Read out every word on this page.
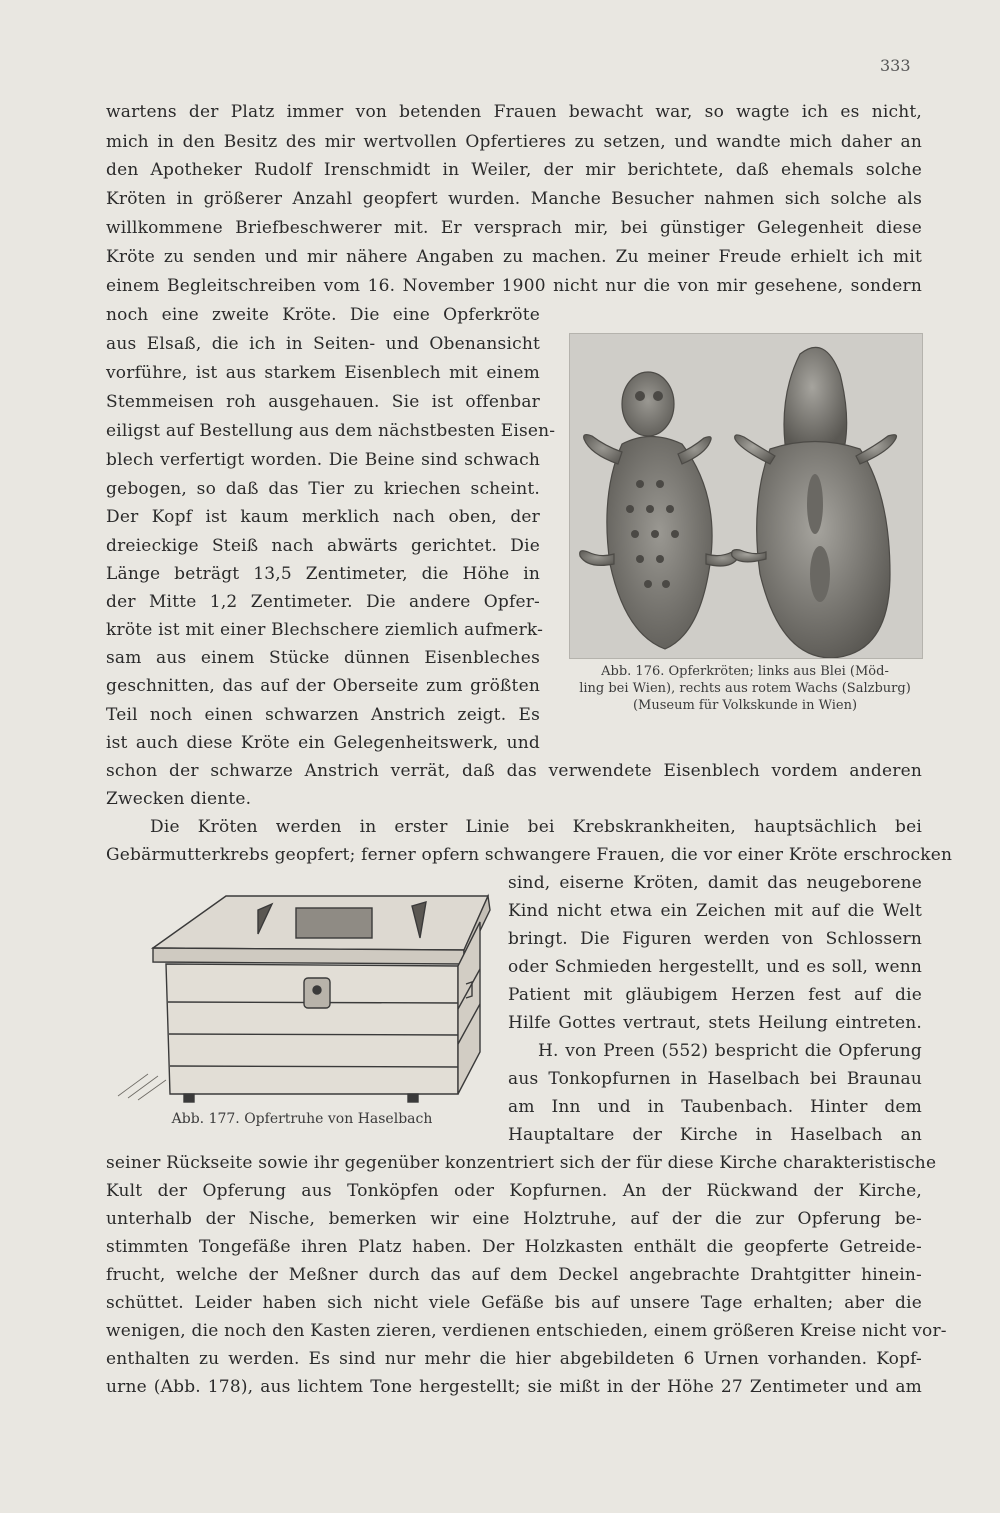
333
wartens der Platz immer von betenden Frauen bewacht war, so wagte ich es nicht,
mich in den Besitz des mir wertvollen Opfertieres zu setzen, und wandte mich daher an
den Apotheker Rudolf Irenschmidt in Weiler, der mir berichtete, daß ehemals solche
Kröten in größerer Anzahl geopfert wurden. Manche Besucher nahmen sich solche als
willkommene Briefbeschwerer mit. Er versprach mir, bei günstiger Gelegenheit diese
Kröte zu senden und mir nähere Angaben zu machen. Zu meiner Freude erhielt ich mit
einem Begleitschreiben vom 16. November 1900 nicht nur die von mir gesehene, sondern
noch eine zweite Kröte. Die eine Opferkröte
aus Elsaß, die ich in Seiten- und Obenansicht
vorführe, ist aus starkem Eisenblech mit einem
Stemmeisen roh ausgehauen. Sie ist offenbar
eiligst auf Bestellung aus dem nächstbesten Eisen-
blech verfertigt worden. Die Beine sind schwach
gebogen, so daß das Tier zu kriechen scheint.
Der Kopf ist kaum merklich nach oben, der
dreieckige Steiß nach abwärts gerichtet. Die
Länge beträgt 13,5 Zentimeter, die Höhe in
der Mitte 1,2 Zentimeter. Die andere Opfer-
kröte ist mit einer Blechschere ziemlich aufmerk-
sam aus einem Stücke dünnen Eisenbleches
geschnitten, das auf der Oberseite zum größten
Teil noch einen schwarzen Anstrich zeigt. Es
ist auch diese Kröte ein Gelegenheitswerk, und
schon der schwarze Anstrich verrät, daß das verwendete Eisenblech vordem anderen
Zwecken diente.
Die Kröten werden in erster Linie bei Krebskrankheiten, hauptsächlich bei
Gebärmutterkrebs geopfert; ferner opfern schwangere Frauen, die vor einer Kröte erschrocken
sind, eiserne Kröten, damit das neugeborene
Kind nicht etwa ein Zeichen mit auf die Welt
bringt. Die Figuren werden von Schlossern
oder Schmieden hergestellt, und es soll, wenn
Patient mit gläubigem Herzen fest auf die
Hilfe Gottes vertraut, stets Heilung eintreten.
H. von Preen (552) bespricht die Opferung
aus Tonkopfurnen in Haselbach bei Braunau
am Inn und in Taubenbach. Hinter dem
Hauptaltare der Kirche in Haselbach an
seiner Rückseite sowie ihr gegenüber konzentriert sich der für diese Kirche charakteristische
Kult der Opferung aus Tonköpfen oder Kopfurnen. An der Rückwand der Kirche,
unterhalb der Nische, bemerken wir eine Holztruhe, auf der die zur Opferung be-
stimmten Tongefäße ihren Platz haben. Der Holzkasten enthält die geopferte Getreide-
frucht, welche der Meßner durch das auf dem Deckel angebrachte Drahtgitter hinein-
schüttet. Leider haben sich nicht viele Gefäße bis auf unsere Tage erhalten; aber die
wenigen, die noch den Kasten zieren, verdienen entschieden, einem größeren Kreise nicht vor-
enthalten zu werden. Es sind nur mehr die hier abgebildeten 6 Urnen vorhanden. Kopf-
urne (Abb. 178), aus lichtem Tone hergestellt; sie mißt in der Höhe 27 Zentimeter und am
Abb. 176. Opferkröten; links aus Blei (Möd-
ling bei Wien), rechts aus rotem Wachs (Salzburg)
(Museum für Volkskunde in Wien)
Abb. 177. Opfertruhe von Haselbach
